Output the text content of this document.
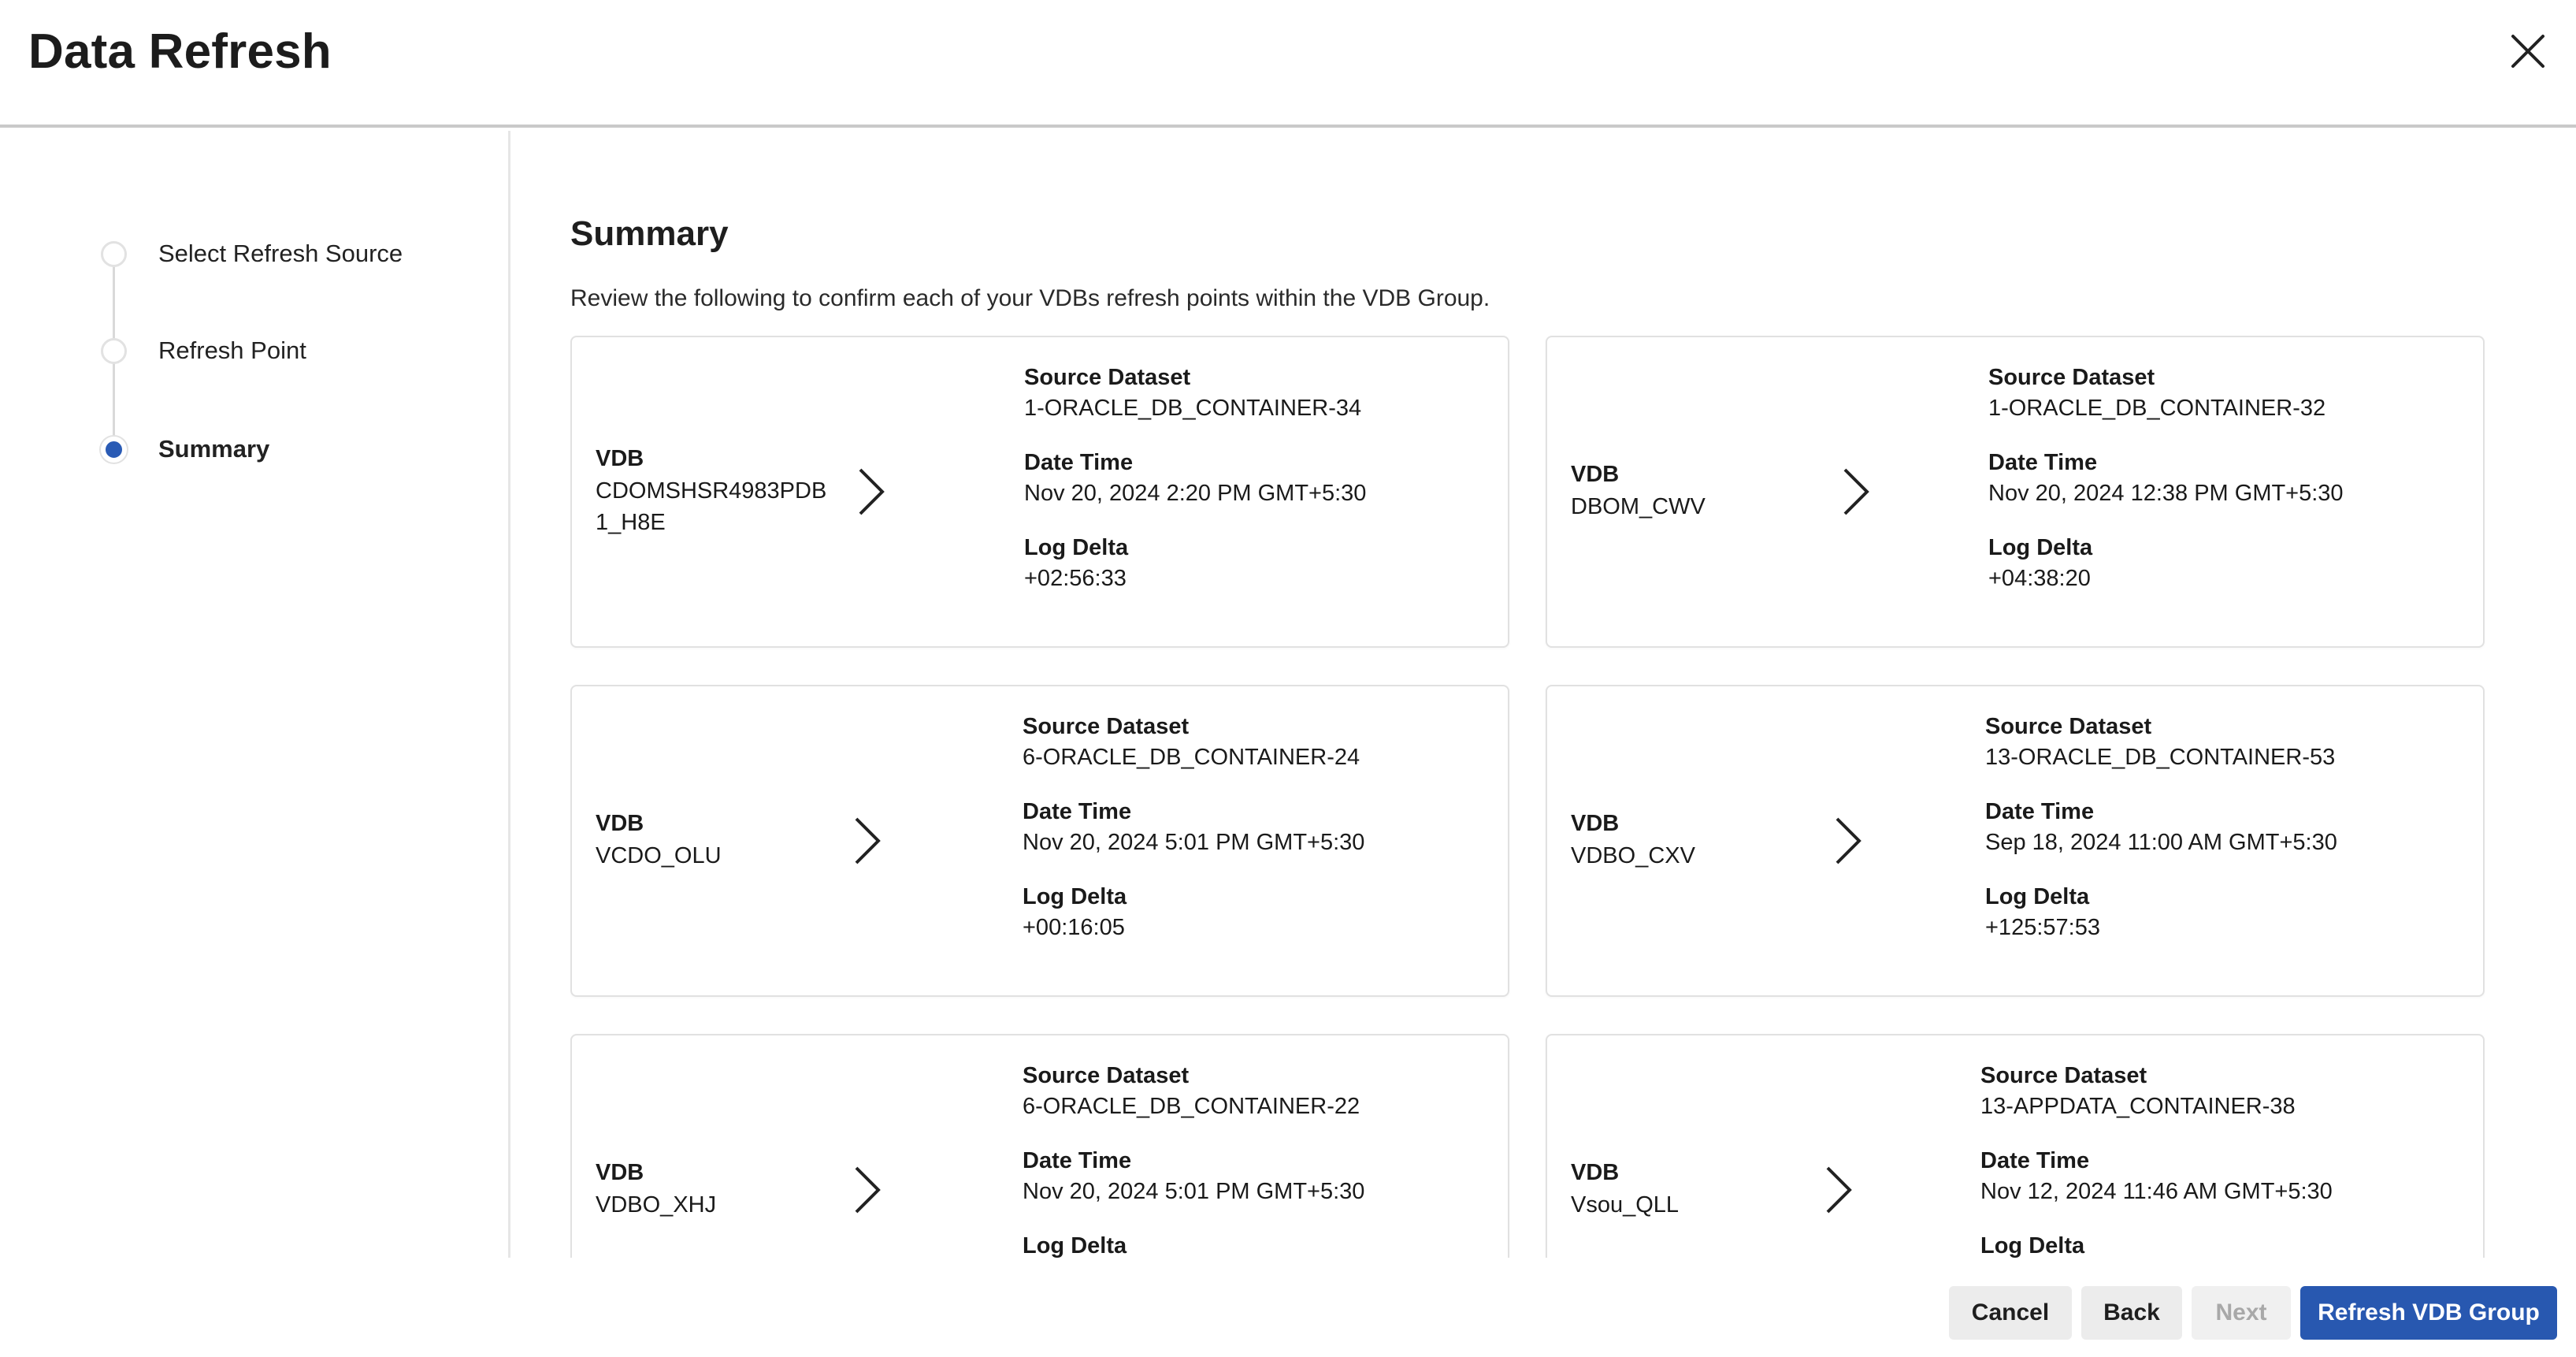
Data Refresh
Select Refresh Source
Refresh Point
Summary
Summary
Review the following to confirm each of your VDBs refresh points within the VDB Group.
VDB
CDOMSHSR4983PDB1_H8E
Source Dataset
1-ORACLE_DB_CONTAINER-34
Date Time
Nov 20, 2024 2:20 PM GMT+5:30
Log Delta
+02:56:33
VDB
DBOM_CWV
Source Dataset
1-ORACLE_DB_CONTAINER-32
Date Time
Nov 20, 2024 12:38 PM GMT+5:30
Log Delta
+04:38:20
VDB
VCDO_OLU
Source Dataset
6-ORACLE_DB_CONTAINER-24
Date Time
Nov 20, 2024 5:01 PM GMT+5:30
Log Delta
+00:16:05
VDB
VDBO_CXV
Source Dataset
13-ORACLE_DB_CONTAINER-53
Date Time
Sep 18, 2024 11:00 AM GMT+5:30
Log Delta
+125:57:53
VDB
VDBO_XHJ
Source Dataset
6-ORACLE_DB_CONTAINER-22
Date Time
Nov 20, 2024 5:01 PM GMT+5:30
Log Delta
VDB
Vsou_QLL
Source Dataset
13-APPDATA_CONTAINER-38
Date Time
Nov 12, 2024 11:46 AM GMT+5:30
Log Delta
Cancel	Back	Next	Refresh VDB Group
